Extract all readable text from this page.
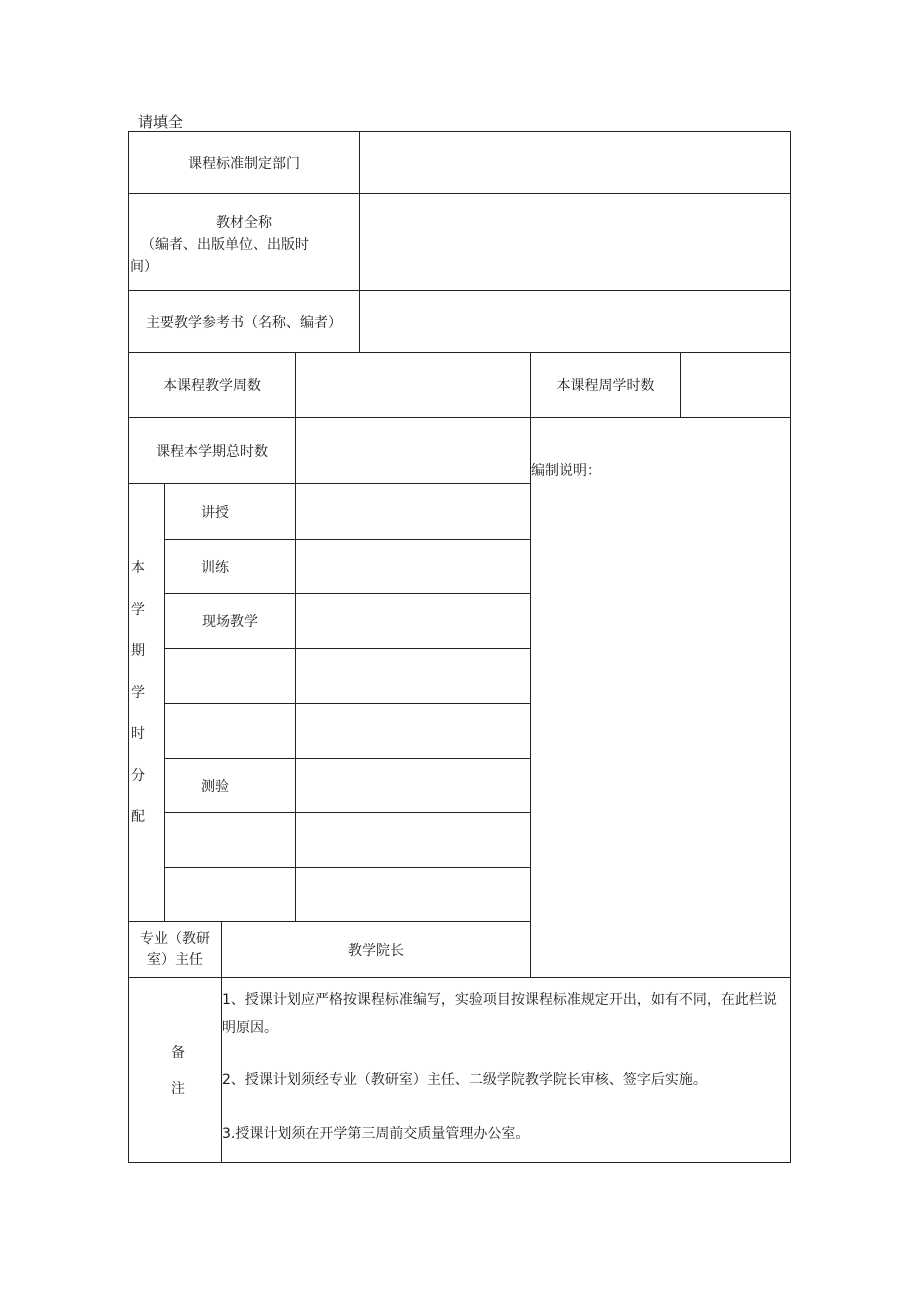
请填全
课程标准制定部门
教材全称
（编者、出版单位、出版时
间）
主要教学参考书（名称、编者）
本课程教学周数	本课程周学时数
课程本学期总时数
编制说明：
本
学
期
学
时
分
配
讲授
训练
现场教学
测验
专业（教研室）主任
教学院长
备
注

1、授课计划应严格按课程标准编写，实验项目按课程标准规定开出，如有不同，在此栏说明原因。

2、授课计划须经专业（教研室）主任、二级学院教学院长审核、签字后实施。

3.授课计划须在开学第三周前交质量管理办公室。
